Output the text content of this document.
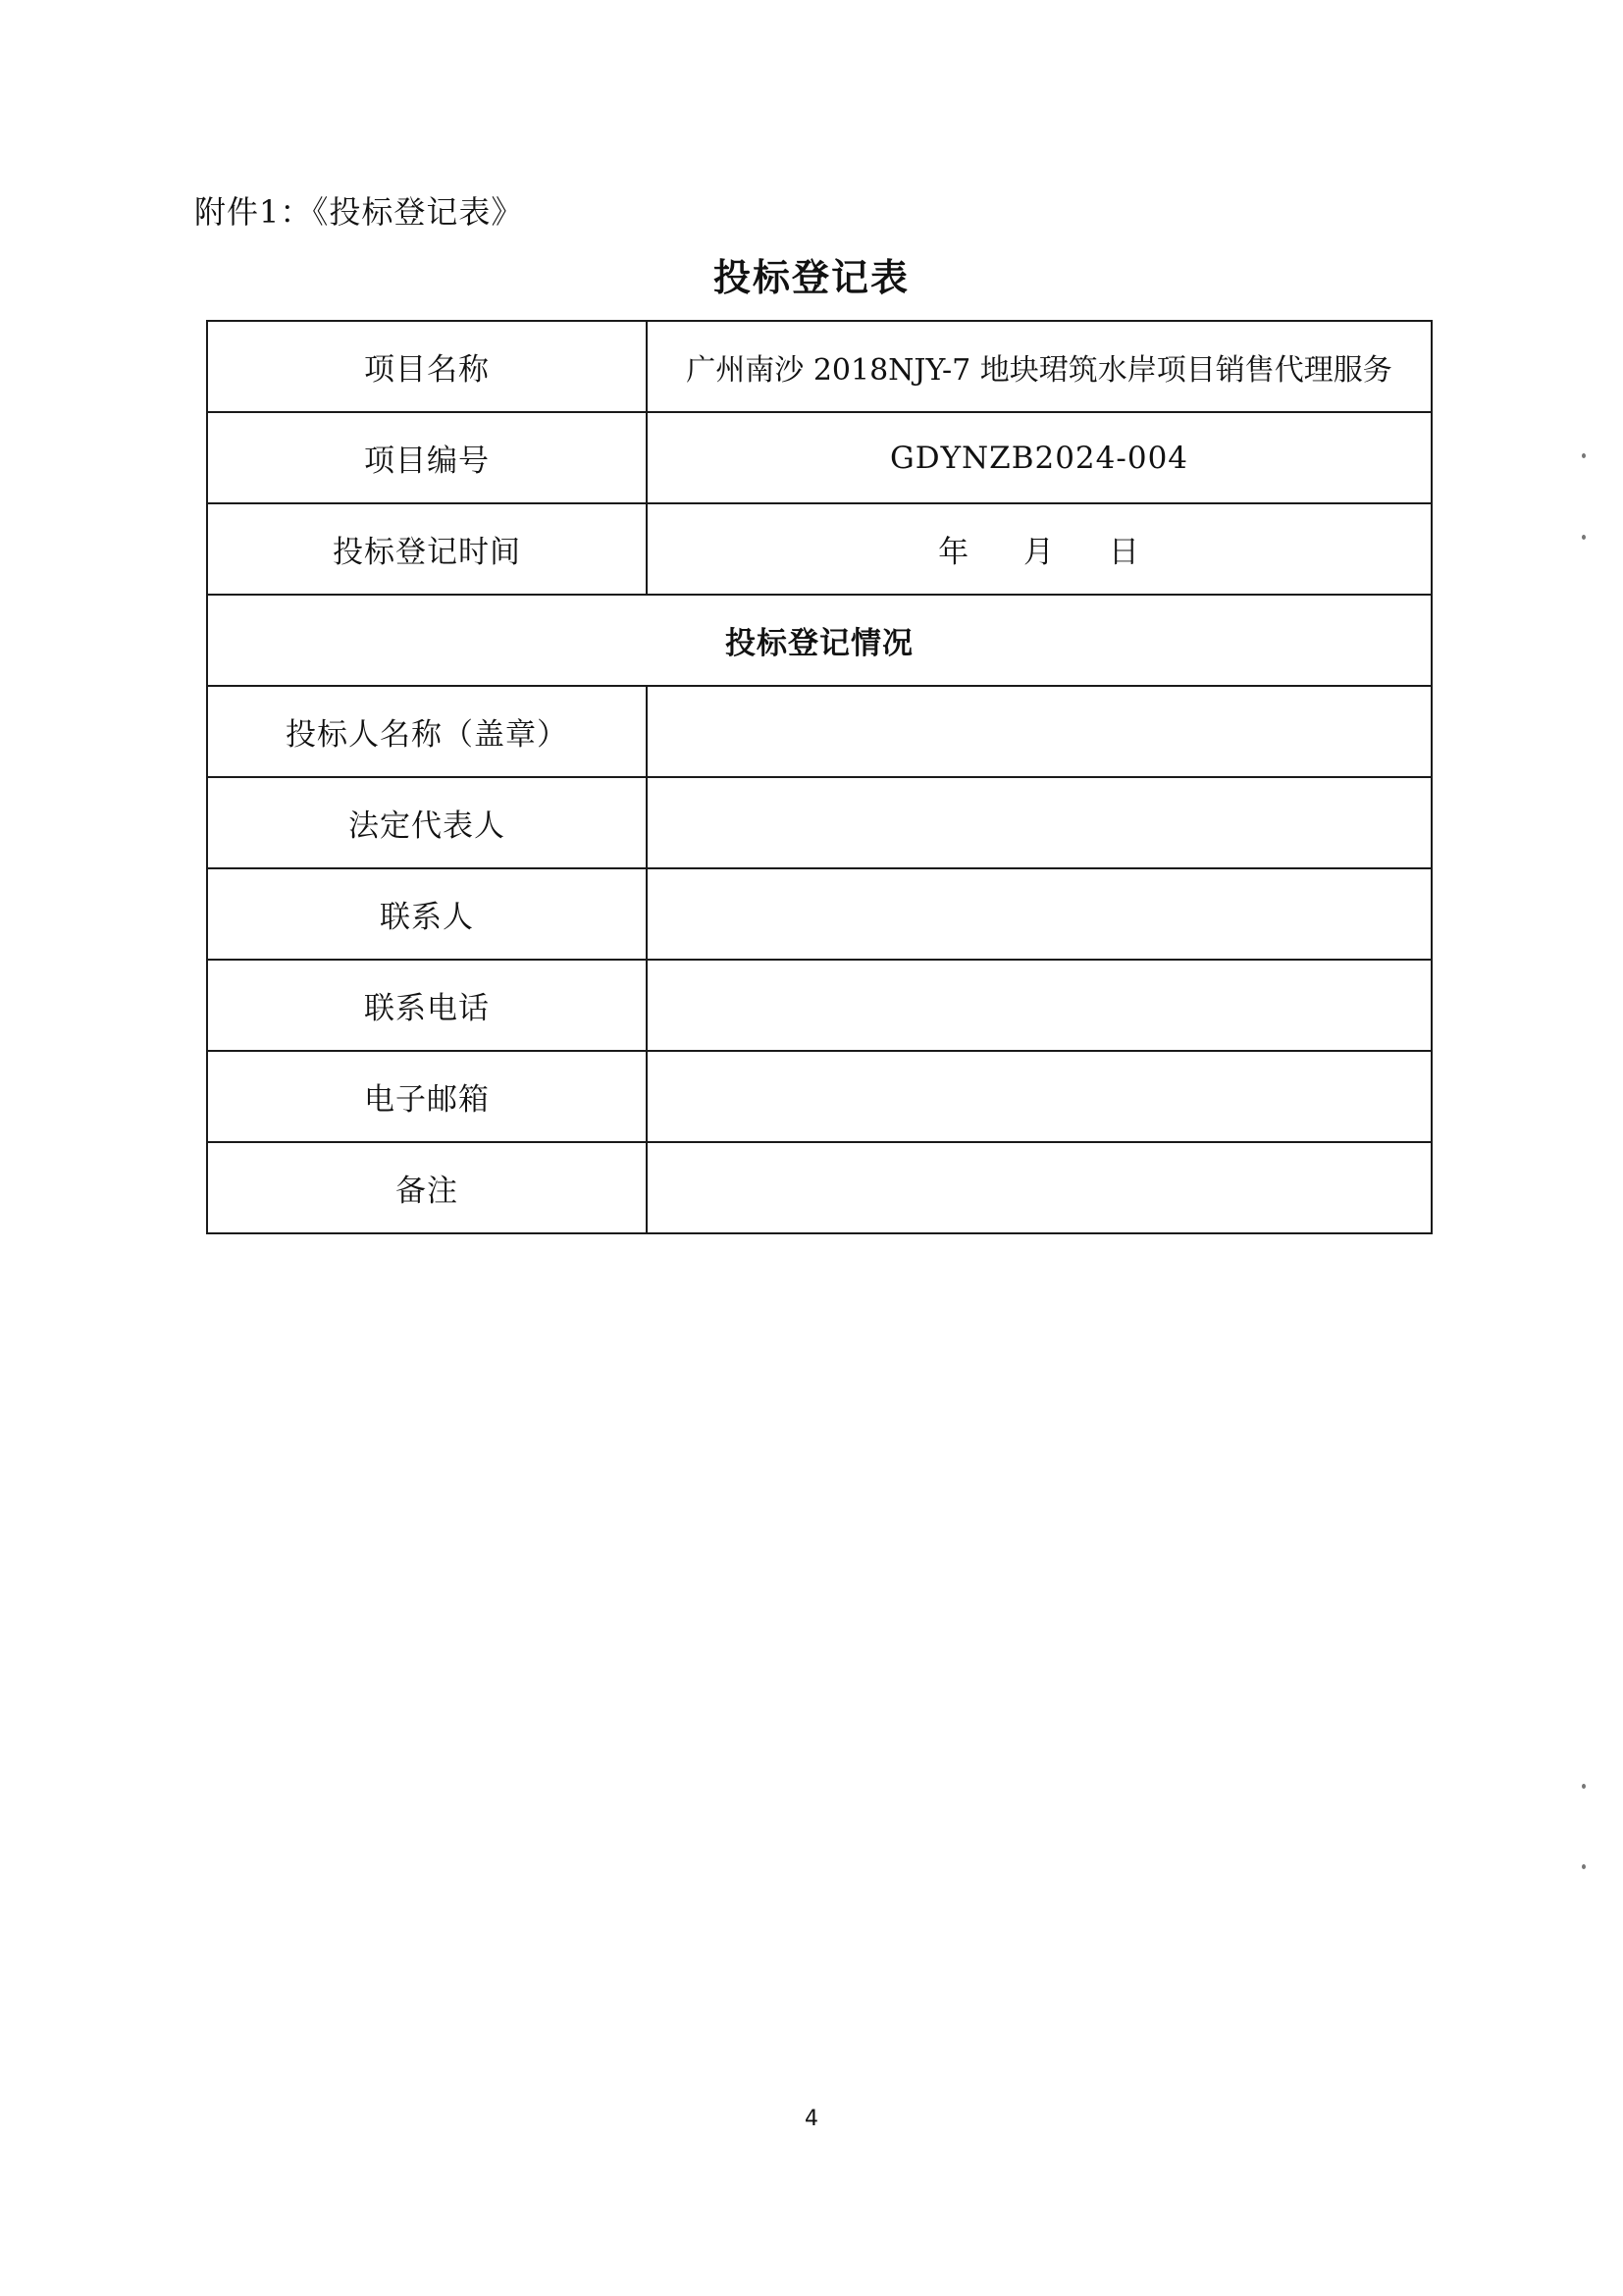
附件1：《投标登记表》

投标登记表
项目名称	广州南沙 2018NJY-7 地块珺筑水岸项目销售代理服务
项目编号	GDYNZB2024-004
投标登记时间	年 月 日
投标登记情况	
投标人名称（盖章）	
法定代表人	
联系人	
联系电话	
电子邮箱	
备注	
4
